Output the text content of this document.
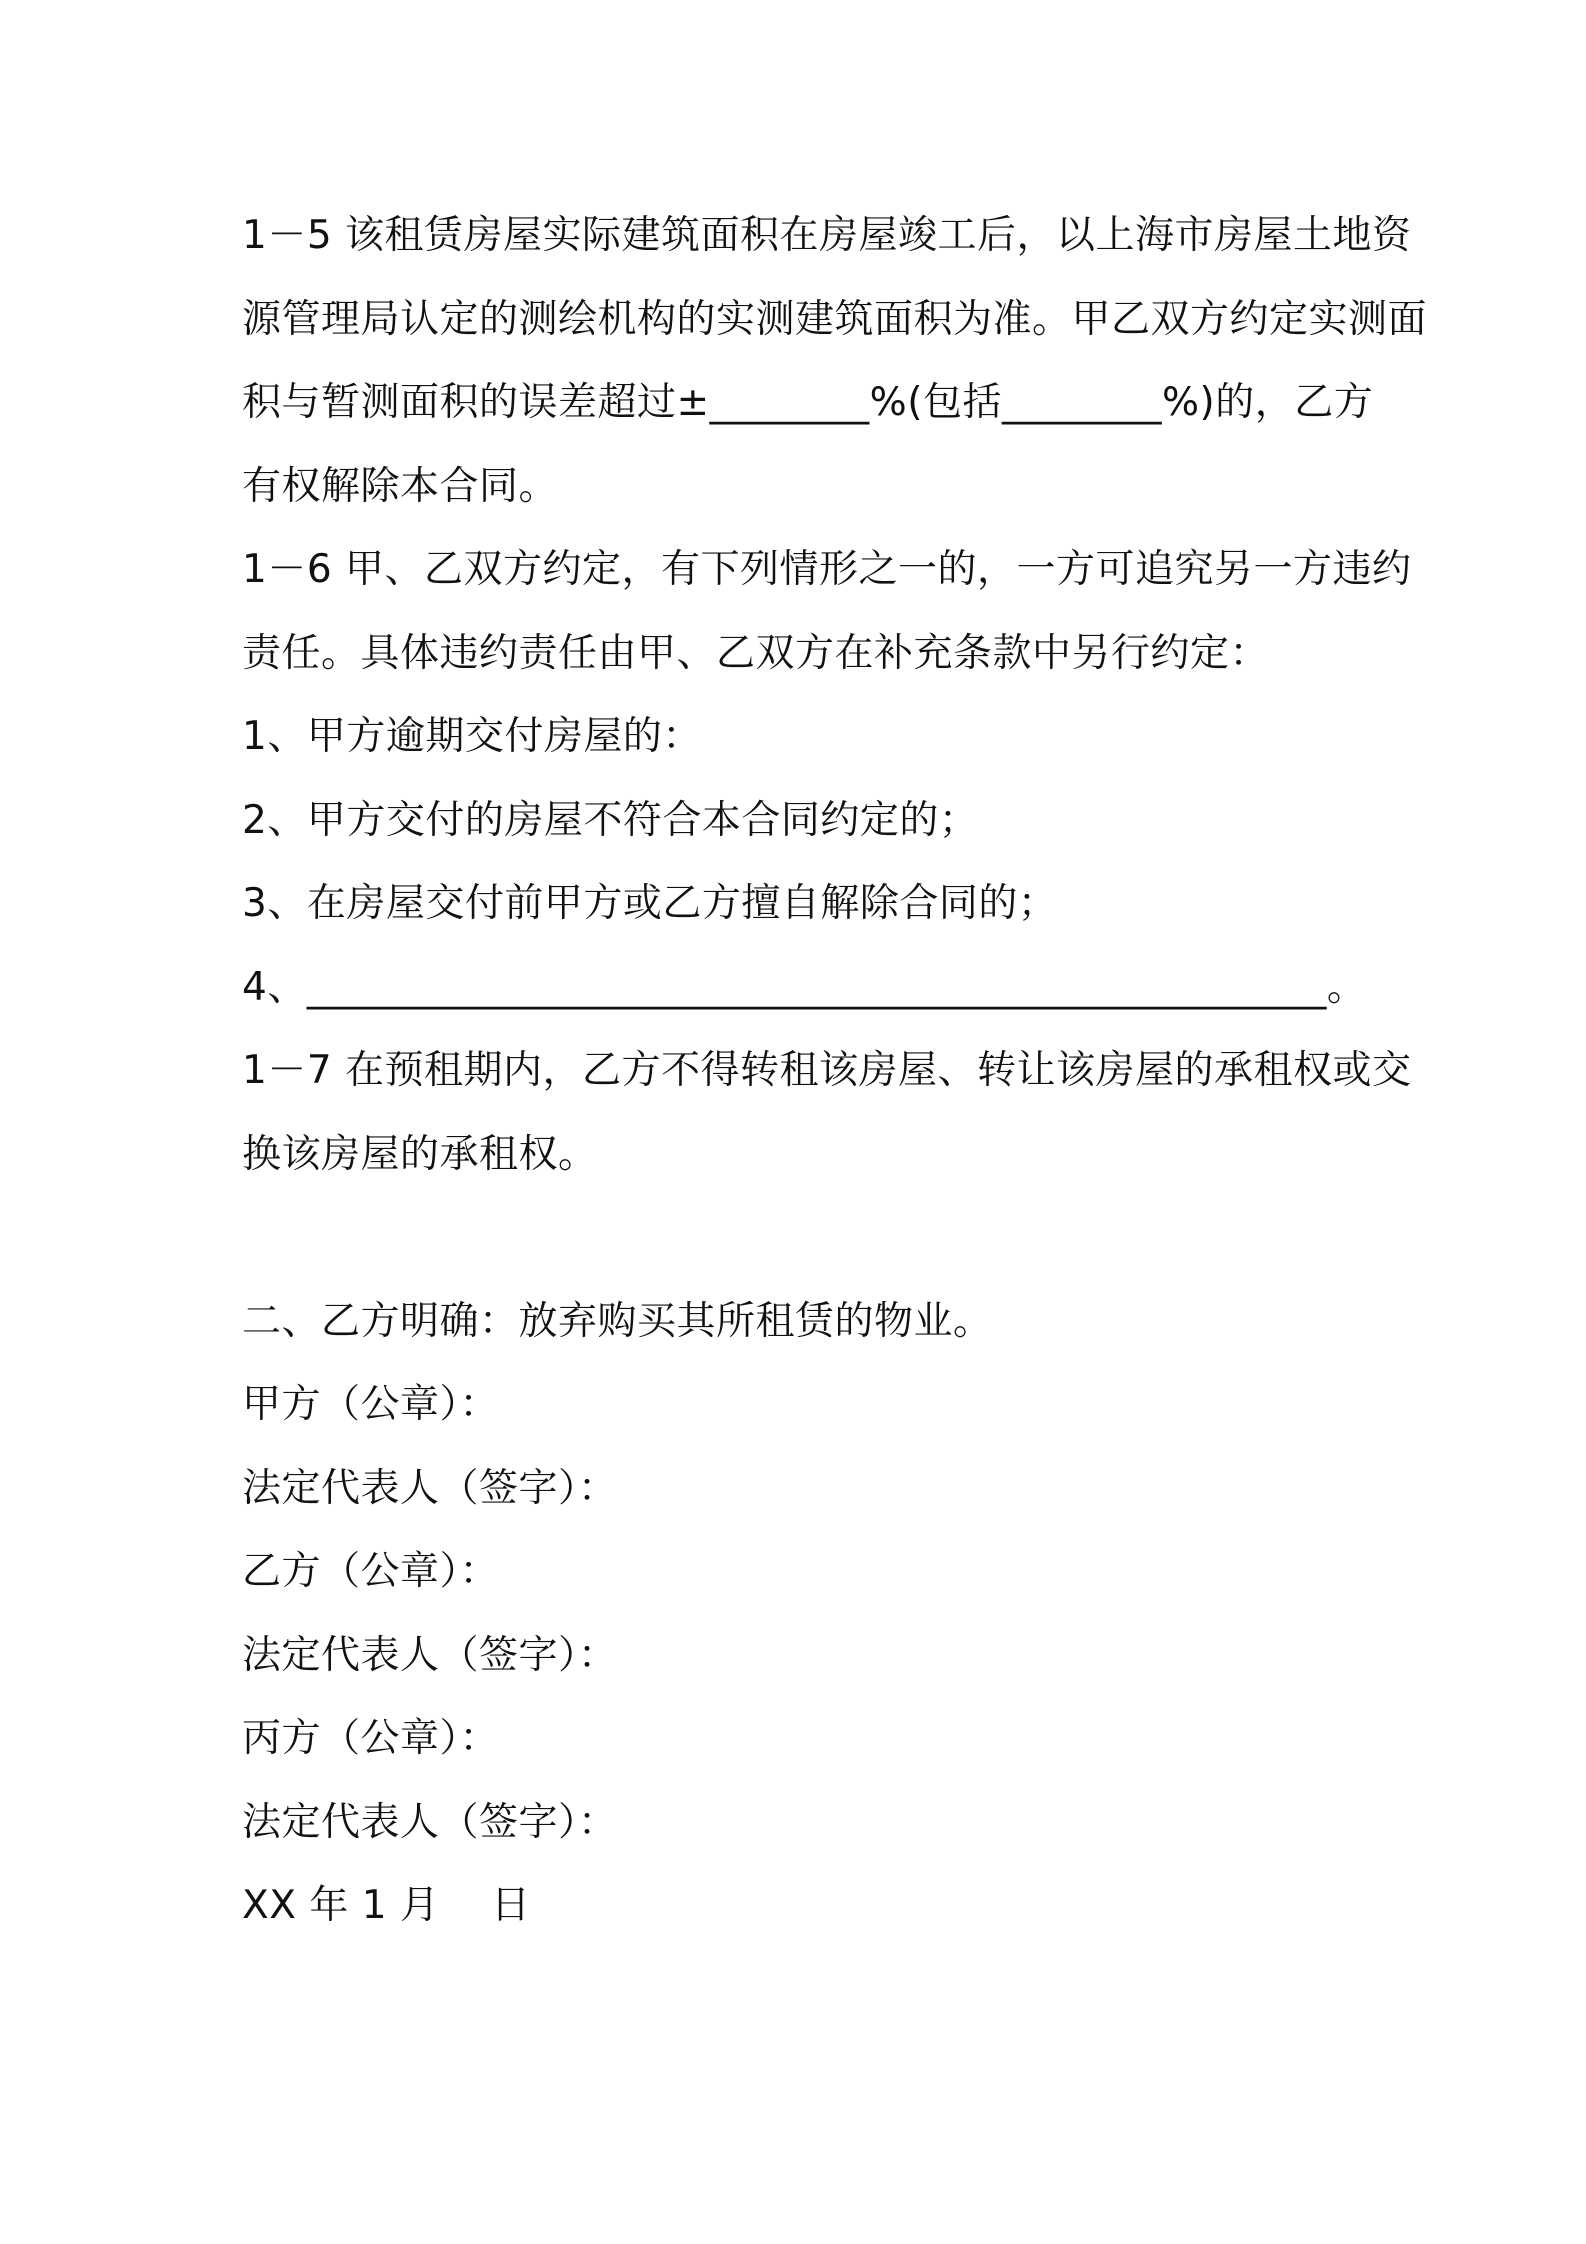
1－5 该租赁房屋实际建筑面积在房屋竣工后，以上海市房屋土地资
源管理局认定的测绘机构的实测建筑面积为准。甲乙双方约定实测面
积与暂测面积的误差超过±________%(包括________%)的，乙方
有权解除本合同。
1－6 甲、乙双方约定，有下列情形之一的，一方可追究另一方违约
责任。具体违约责任由甲、乙双方在补充条款中另行约定：
1、甲方逾期交付房屋的：
2、甲方交付的房屋不符合本合同约定的；
3、在房屋交付前甲方或乙方擅自解除合同的；
4、___________________________________________________。
1－7 在预租期内，乙方不得转租该房屋、转让该房屋的承租权或交
换该房屋的承租权。
二、乙方明确：放弃购买其所租赁的物业。
甲方（公章）：
法定代表人（签字）：
乙方（公章）：
法定代表人（签字）：
丙方（公章）：
法定代表人（签字）：
XX 年 1 月    日
